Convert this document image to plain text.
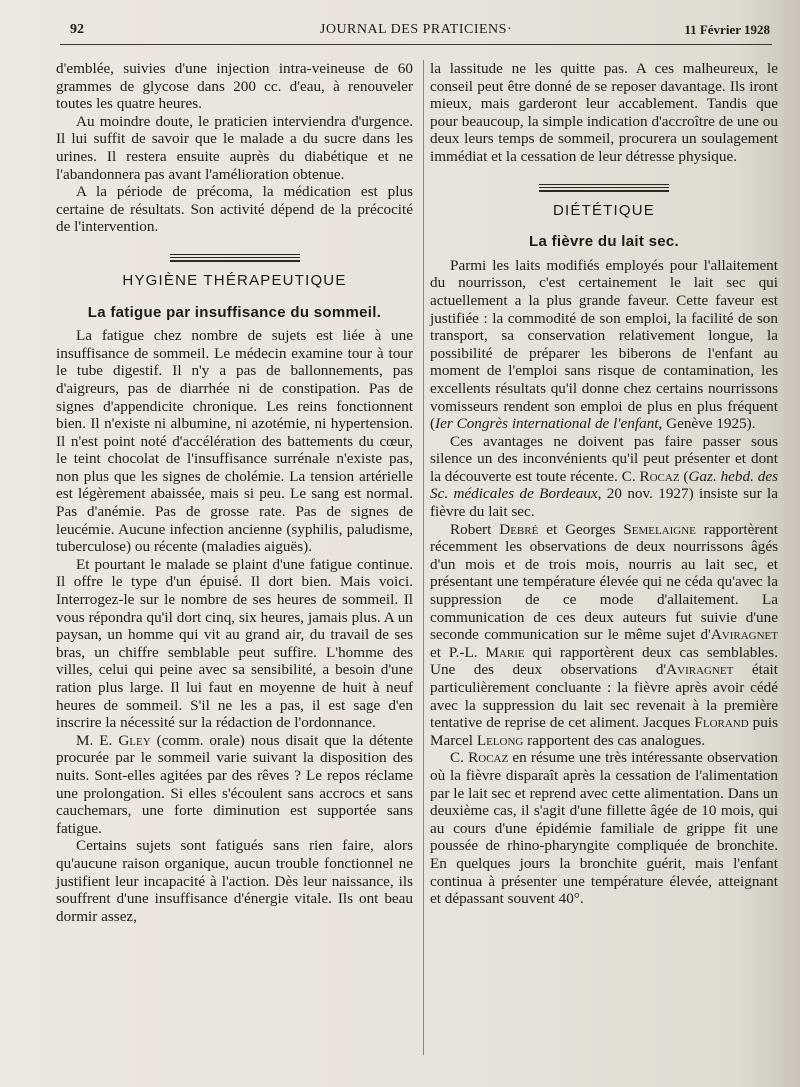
92	JOURNAL DES PRATICIENS·	11 Février 1928

d'emblée, suivies d'une injection intra-veineuse de 60 grammes de glycose dans 200 cc. d'eau, à renouveler toutes les quatre heures.

Au moindre doute, le praticien interviendra d'urgence. Il lui suffit de savoir que le malade a du sucre dans les urines. Il restera ensuite auprès du diabétique et ne l'abandonnera pas avant l'amélioration obtenue.

A la période de précoma, la médication est plus certaine de résultats. Son activité dépend de la précocité de l'intervention.

HYGIÈNE THÉRAPEUTIQUE
La fatigue par insuffisance du sommeil.

La fatigue chez nombre de sujets est liée à une insuffisance de sommeil. Le médecin examine tour à tour le tube digestif. Il n'y a pas de ballonnements, pas d'aigreurs, pas de diarrhée ni de constipation. Pas de signes d'appendicite chronique. Les reins fonctionnent bien. Il n'existe ni albumine, ni azotémie, ni hypertension. Il n'est point noté d'accélération des battements du cœur, le teint chocolat de l'insuffisance surrénale n'existe pas, non plus que les signes de cholémie. La tension artérielle est légèrement abaissée, mais si peu. Le sang est normal. Pas d'anémie. Pas de grosse rate. Pas de signes de leucémie. Aucune infection ancienne (syphilis, paludisme, tuberculose) ou récente (maladies aiguës).

Et pourtant le malade se plaint d'une fatigue continue. Il offre le type d'un épuisé. Il dort bien. Mais voici. Interrogez-le sur le nombre de ses heures de sommeil. Il vous répondra qu'il dort cinq, six heures, jamais plus. A un paysan, un homme qui vit au grand air, du travail de ses bras, un chiffre semblable peut suffire. L'homme des villes, celui qui peine avec sa sensibilité, a besoin d'une ration plus large. Il lui faut en moyenne de huit à neuf heures de sommeil. S'il ne les a pas, il est sage d'en inscrire la nécessité sur la rédaction de l'ordonnance.

M. E. Gley (comm. orale) nous disait que la détente procurée par le sommeil varie suivant la disposition des nuits. Sont-elles agitées par des rêves ? Le repos réclame une prolongation. Si elles s'écoulent sans accrocs et sans cauchemars, une forte diminution est supportée sans fatigue.

Certains sujets sont fatigués sans rien faire, alors qu'aucune raison organique, aucun trouble fonctionnel ne justifient leur incapacité à l'action. Dès leur naissance, ils souffrent d'une insuffisance d'énergie vitale. Ils ont beau dormir assez,

la lassitude ne les quitte pas. A ces malheureux, le conseil peut être donné de se reposer davantage. Ils iront mieux, mais garderont leur accablement. Tandis que pour beaucoup, la simple indication d'accroître de une ou deux leurs temps de sommeil, procurera un soulagement immédiat et la cessation de leur détresse physique.

DIÉTÉTIQUE
La fièvre du lait sec.

Parmi les laits modifiés employés pour l'allaitement du nourrisson, c'est certainement le lait sec qui actuellement a la plus grande faveur. Cette faveur est justifiée : la commodité de son emploi, la facilité de son transport, sa conservation relativement longue, la possibilité de préparer les biberons de l'enfant au moment de l'emploi sans risque de contamination, les excellents résultats qu'il donne chez certains nourrissons vomisseurs rendent son emploi de plus en plus fréquent (Ier Congrès international de l'enfant, Genève 1925).

Ces avantages ne doivent pas faire passer sous silence un des inconvénients qu'il peut présenter et dont la découverte est toute récente. C. Rocaz (Gaz. hebd. des Sc. médicales de Bordeaux, 20 nov. 1927) insiste sur la fièvre du lait sec.

Robert Debré et Georges Semelaigne rapportèrent récemment les observations de deux nourrissons âgés d'un mois et de trois mois, nourris au lait sec, et présentant une température élevée qui ne céda qu'avec la suppression de ce mode d'allaitement. La communication de ces deux auteurs fut suivie d'une seconde communication sur le même sujet d'Aviragnet et P.-L. Marie qui rapportèrent deux cas semblables. Une des deux observations d'Aviragnet était particulièrement concluante : la fièvre après avoir cédé avec la suppression du lait sec revenait à la première tentative de reprise de cet aliment. Jacques Florand puis Marcel Lelong rapportent des cas analogues.

C. Rocaz en résume une très intéressante observation où la fièvre disparaît après la cessation de l'alimentation par le lait sec et reprend avec cette alimentation. Dans un deuxième cas, il s'agit d'une fillette âgée de 10 mois, qui au cours d'une épidémie familiale de grippe fit une poussée de rhino-pharyngite compliquée de bronchite. En quelques jours la bronchite guérit, mais l'enfant continua à présenter une température élevée, atteignant et dépassant souvent 40°.
